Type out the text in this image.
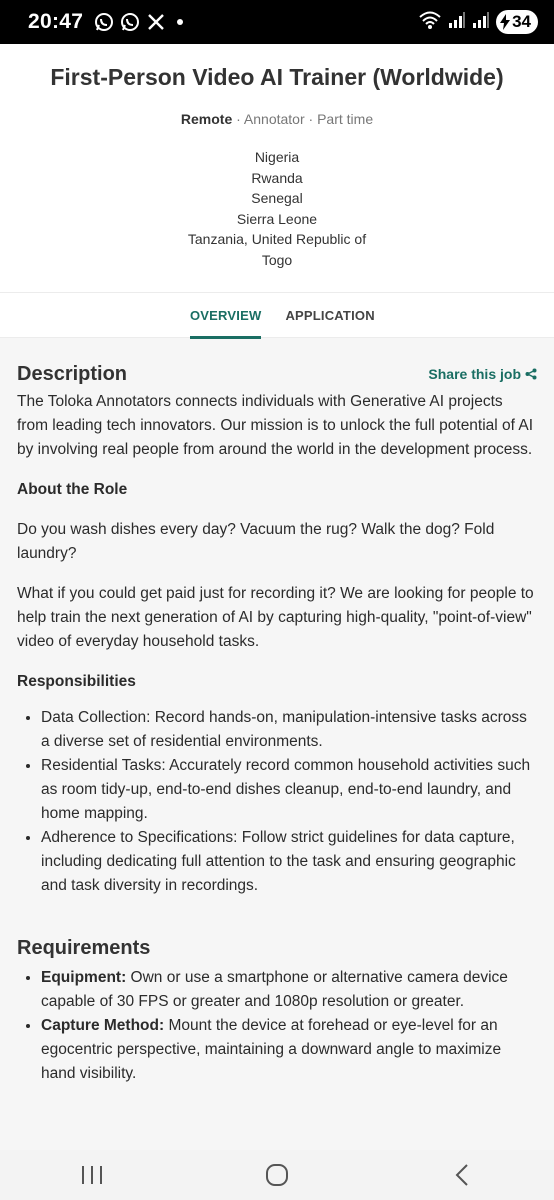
20:47	34
First-Person Video AI Trainer (Worldwide)
Remote · Annotator · Part time
Nigeria
Rwanda
Senegal
Sierra Leone
Tanzania, United Republic of
Togo
OVERVIEW	APPLICATION
Description	Share this job
The Toloka Annotators connects individuals with Generative AI projects from leading tech innovators. Our mission is to unlock the full potential of AI by involving real people from around the world in the development process.
About the Role
Do you wash dishes every day? Vacuum the rug? Walk the dog? Fold laundry?
What if you could get paid just for recording it? We are looking for people to help train the next generation of AI by capturing high-quality, "point-of-view" video of everyday household tasks.
Responsibilities
• Data Collection: Record hands-on, manipulation-intensive tasks across a diverse set of residential environments.
• Residential Tasks: Accurately record common household activities such as room tidy-up, end-to-end dishes cleanup, end-to-end laundry, and home mapping.
• Adherence to Specifications: Follow strict guidelines for data capture, including dedicating full attention to the task and ensuring geographic and task diversity in recordings.
Requirements
• Equipment: Own or use a smartphone or alternative camera device capable of 30 FPS or greater and 1080p resolution or greater.
• Capture Method: Mount the device at forehead or eye-level for an egocentric perspective, maintaining a downward angle to maximize hand visibility.
